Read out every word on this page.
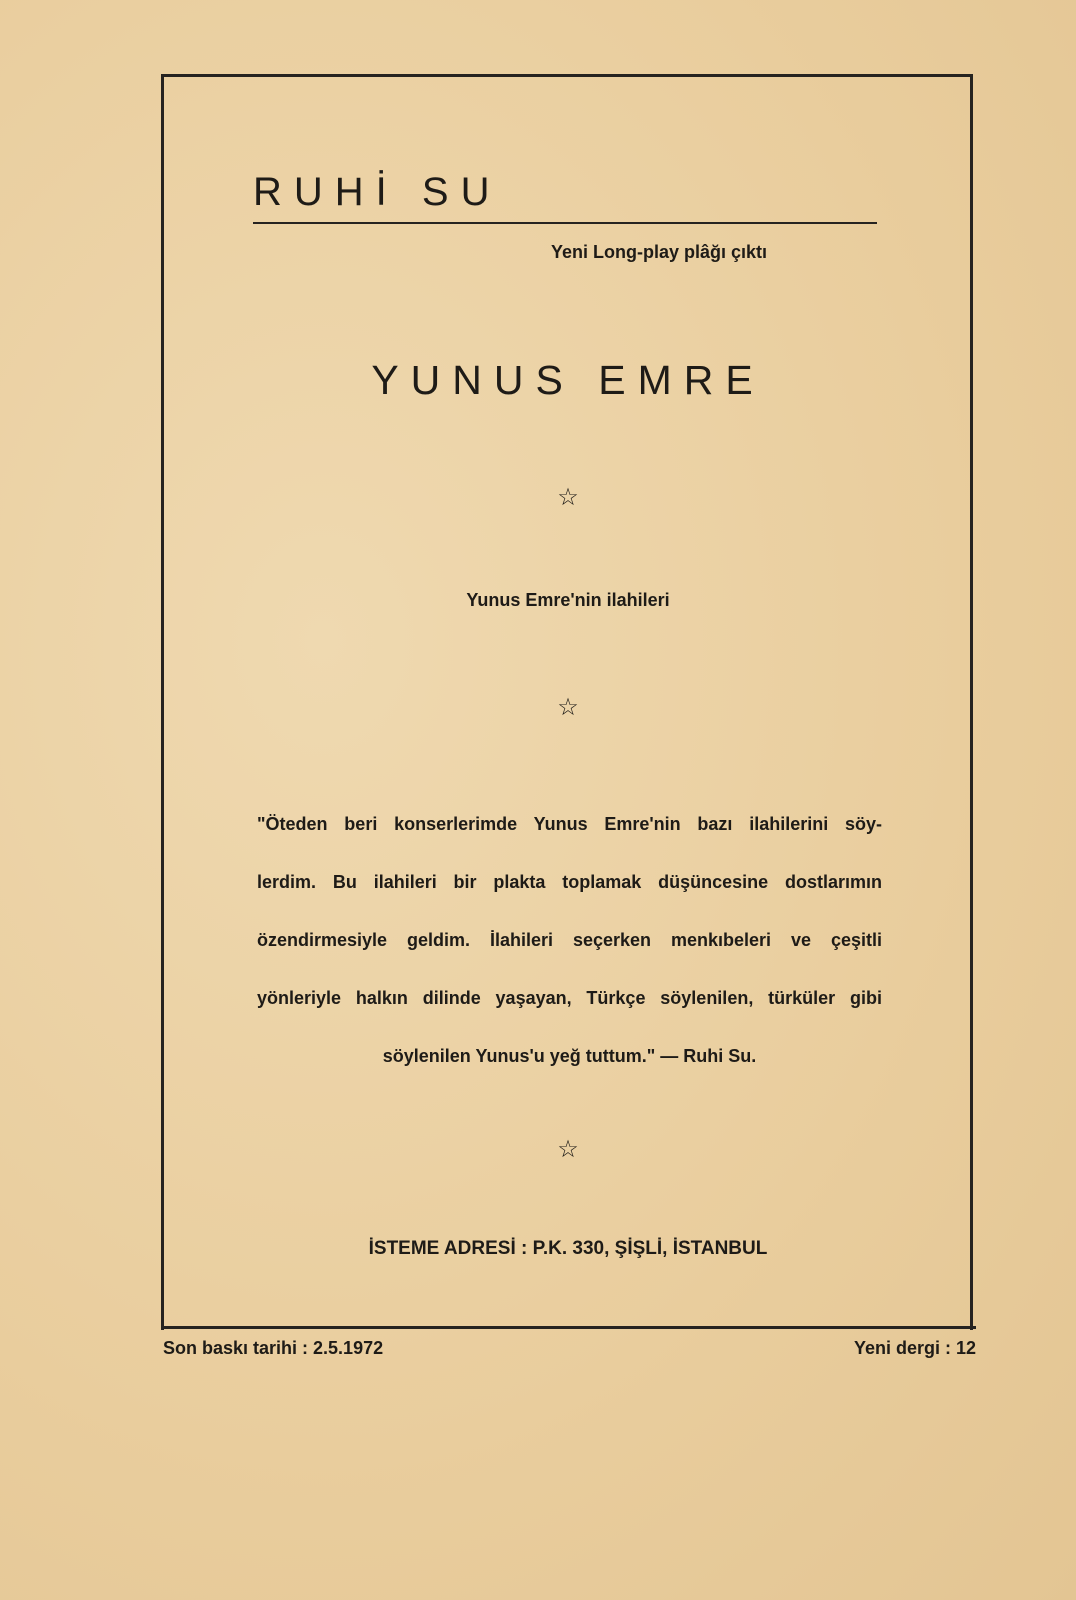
RUHİ SU
Yeni Long-play plâğı çıktı
YUNUS EMRE
☆
Yunus Emre'nin ilahileri
☆
"Öteden beri konserlerimde Yunus Emre'nin bazı ilahilerini söy-
lerdim. Bu ilahileri bir plakta toplamak düşüncesine dostlarımın
özendirmesiyle geldim. İlahileri seçerken menkıbeleri ve çeşitli
yönleriyle halkın dilinde yaşayan, Türkçe söylenilen, türküler gibi
söylenilen Yunus'u yeğ tuttum." — Ruhi Su.
☆
İSTEME ADRESİ : P.K. 330, ŞİŞLİ, İSTANBUL
Son baskı tarihi : 2.5.1972	Yeni dergi : 12
